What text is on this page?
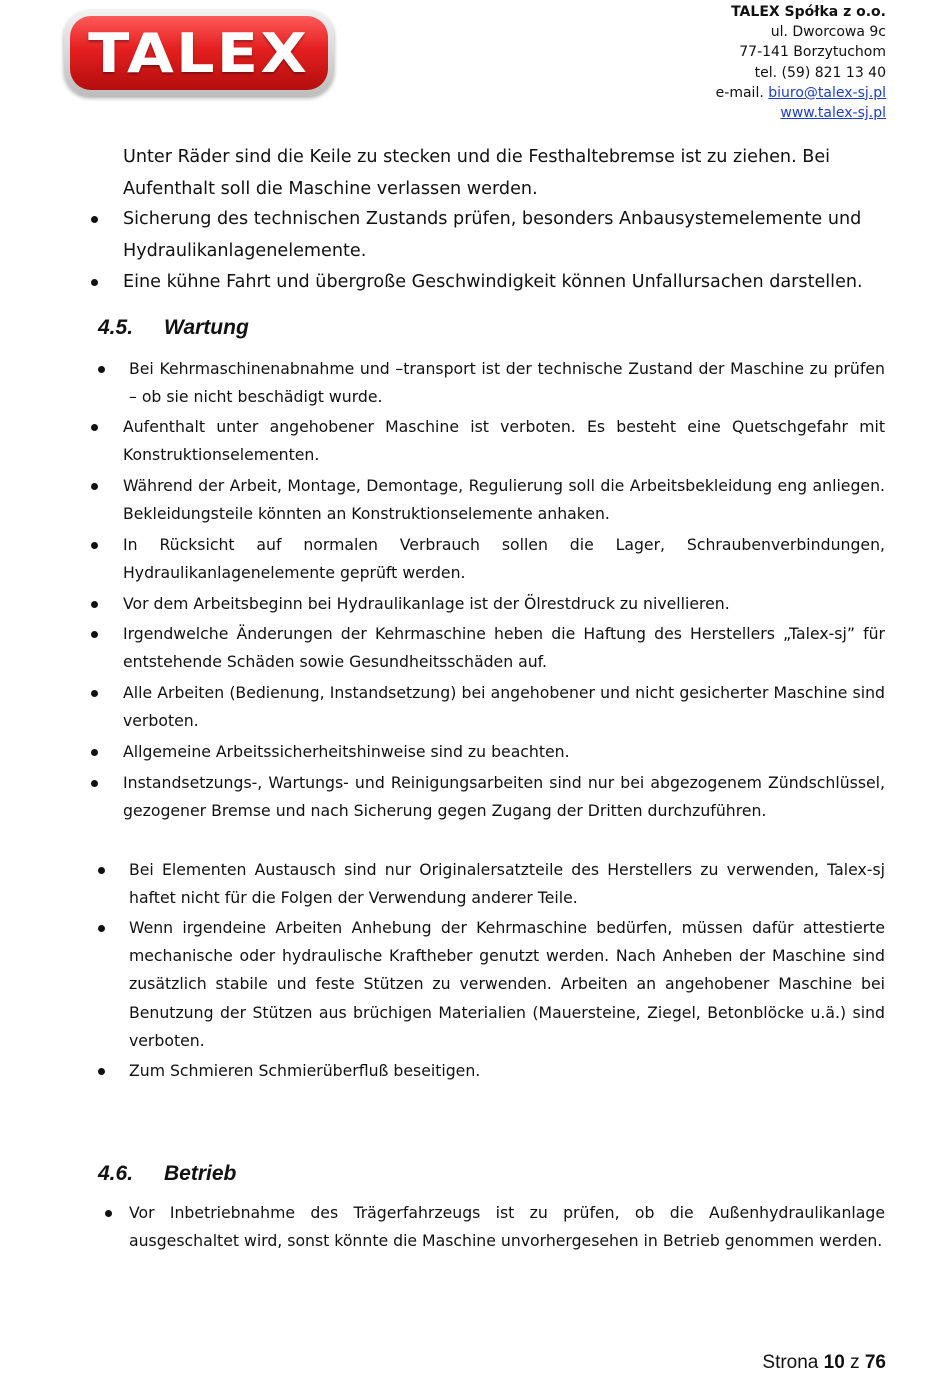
TALEX
TALEX Spółka z o.o.
ul. Dworcowa 9c
77-141 Borzytuchom
tel. (59) 821 13 40
e-mail. biuro@talex-sj.pl
www.talex-sj.pl
Unter Räder sind die Keile zu stecken und die Festhaltebremse ist zu ziehen. Bei Aufenthalt soll die Maschine verlassen werden.
Sicherung des technischen Zustands prüfen, besonders Anbausystemelemente und Hydraulikanlagenelemente.
Eine kühne Fahrt und übergroße Geschwindigkeit können Unfallursachen darstellen.
4.5. Wartung
Bei Kehrmaschinenabnahme und –transport ist der technische Zustand der Maschine zu prüfen – ob sie nicht beschädigt wurde.
Aufenthalt unter angehobener Maschine ist verboten. Es besteht eine Quetschgefahr mit Konstruktionselementen.
Während der Arbeit, Montage, Demontage, Regulierung soll die Arbeitsbekleidung eng anliegen. Bekleidungsteile könnten an Konstruktionselemente anhaken.
In Rücksicht auf normalen Verbrauch sollen die Lager, Schraubenverbindungen, Hydraulikanlagenelemente geprüft werden.
Vor dem Arbeitsbeginn bei Hydraulikanlage ist der Ölrestdruck zu nivellieren.
Irgendwelche Änderungen der Kehrmaschine heben die Haftung des Herstellers „Talex-sj” für entstehende Schäden sowie Gesundheitsschäden auf.
Alle Arbeiten (Bedienung, Instandsetzung) bei angehobener und nicht gesicherter Maschine sind verboten.
Allgemeine Arbeitssicherheitshinweise sind zu beachten.
Instandsetzungs-, Wartungs- und Reinigungsarbeiten sind nur bei abgezogenem Zündschlüssel, gezogener Bremse und nach Sicherung gegen Zugang der Dritten durchzuführen.
Bei Elementen Austausch sind nur Originalersatzteile des Herstellers zu verwenden, Talex-sj haftet nicht für die Folgen der Verwendung anderer Teile.
Wenn irgendeine Arbeiten Anhebung der Kehrmaschine bedürfen, müssen dafür attestierte mechanische oder hydraulische Kraftheber genutzt werden. Nach Anheben der Maschine sind zusätzlich stabile und feste Stützen zu verwenden. Arbeiten an angehobener Maschine bei Benutzung der Stützen aus brüchigen Materialien (Mauersteine, Ziegel, Betonblöcke u.ä.) sind verboten.
Zum Schmieren Schmierüberfluß beseitigen.
4.6. Betrieb
Vor Inbetriebnahme des Trägerfahrzeugs ist zu prüfen, ob die Außenhydraulikanlage ausgeschaltet wird, sonst könnte die Maschine unvorhergesehen in Betrieb genommen werden.
Strona 10 z 76
